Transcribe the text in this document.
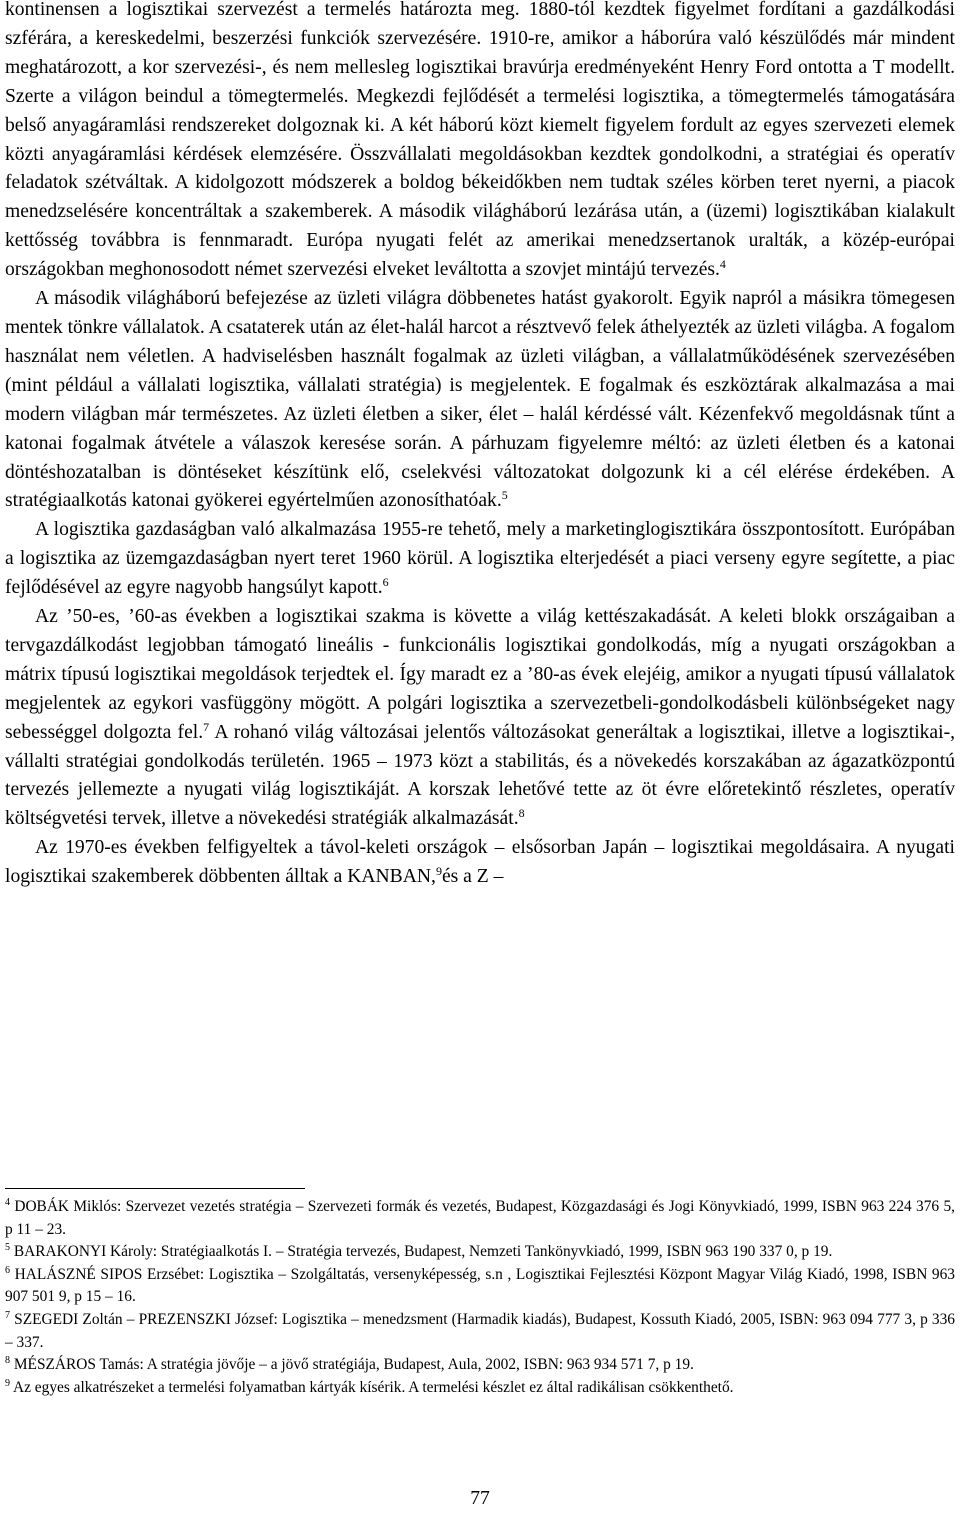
kontinensen a logisztikai szervezést a termelés határozta meg. 1880-tól kezdtek figyelmet fordítani a gazdálkodási szférára, a kereskedelmi, beszerzési funkciók szervezésére. 1910-re, amikor a háborúra való készülődés már mindent meghatározott, a kor szervezési-, és nem mellesleg logisztikai bravúrja eredményeként Henry Ford ontotta a T modellt. Szerte a világon beindul a tömegtermelés. Megkezdi fejlődését a termelési logisztika, a tömegtermelés támogatására belső anyagáramlási rendszereket dolgoznak ki. A két háború közt kiemelt figyelem fordult az egyes szervezeti elemek közti anyagáramlási kérdések elemzésére. Összvállalati megoldásokban kezdtek gondolkodni, a stratégiai és operatív feladatok szétváltak. A kidolgozott módszerek a boldog békeidőkben nem tudtak széles körben teret nyerni, a piacok menedzselésére koncentráltak a szakemberek. A második világháború lezárása után, a (üzemi) logisztikában kialakult kettősség továbbra is fennmaradt. Európa nyugati felét az amerikai menedzsertanok uralták, a közép-európai országokban meghonosodott német szervezési elveket leváltotta a szovjet mintájú tervezés.$^4$

A második világháború befejezése az üzleti világra döbbenetes hatást gyakorolt. Egyik napról a másikra tömegesen mentek tönkre vállalatok. A csataterek után az élet-halál harcot a résztvevő felek áthelyezték az üzleti világba. A fogalom használat nem véletlen. A hadviselésben használt fogalmak az üzleti világban, a vállalatműködésének szervezésében (mint például a vállalati logisztika, vállalati stratégia) is megjelentek. E fogalmak és eszköztárak alkalmazása a mai modern világban már természetes. Az üzleti életben a siker, élet – halál kérdéssé vált. Kézenfekvő megoldásnak tűnt a katonai fogalmak átvétele a válaszok keresése során. A párhuzam figyelemre méltó: az üzleti életben és a katonai döntéshozatalban is döntéseket készítünk elő, cselekvési változatokat dolgozunk ki a cél elérése érdekében. A stratégiaalkotás katonai gyökerei egyértelműen azonosíthatóak.$^5$

A logisztika gazdaságban való alkalmazása 1955-re tehető, mely a marketinglogisztikára összpontosított. Európában a logisztika az üzemgazdaságban nyert teret 1960 körül. A logisztika elterjedését a piaci verseny egyre segítette, a piac fejlődésével az egyre nagyobb hangsúlyt kapott.$^6$

Az ’50-es, ’60-as években a logisztikai szakma is követte a világ kettészakadását. A keleti blokk országaiban a tervgazdálkodást legjobban támogató lineális - funkcionális logisztikai gondolkodás, míg a nyugati országokban a mátrix típusú logisztikai megoldások terjedtek el. Így maradt ez a ’80-as évek elejéig, amikor a nyugati típusú vállalatok megjelentek az egykori vasfüggöny mögött. A polgári logisztika a szervezetbeli-gondolkodásbeli különbségeket nagy sebességgel dolgozta fel.$^7$ A rohanó világ változásai jelentős változásokat generáltak a logisztikai, illetve a logisztikai-, vállalti stratégiai gondolkodás területén. 1965 – 1973 közt a stabilitás, és a növekedés korszakában az ágazatközpontú tervezés jellemezte a nyugati világ logisztikáját. A korszak lehetővé tette az öt évre előretekintő részletes, operatív költségvetési tervek, illetve a növekedési stratégiák alkalmazását.$^8$

Az 1970-es években felfigyeltek a távol-keleti országok – elsősorban Japán – logisztikai megoldásaira. A nyugati logisztikai szakemberek döbbenten álltak a KANBAN,$^9$és a Z –

$^4$ DOBÁK Miklós: Szervezet vezetés stratégia – Szervezeti formák és vezetés, Budapest, Közgazdasági és Jogi Könyvkiadó, 1999, ISBN 963 224 376 5, p 11 – 23.

$^5$ BARAKONYI Károly: Stratégiaalkotás I. – Stratégia tervezés, Budapest, Nemzeti Tankönyvkiadó, 1999, ISBN 963 190 337 0, p 19.

$^6$ HALÁSZNÉ SIPOS Erzsébet: Logisztika – Szolgáltatás, versenyképesség, s.n , Logisztikai Fejlesztési Központ Magyar Világ Kiadó, 1998, ISBN 963 907 501 9, p 15 – 16.

$^7$ SZEGEDI Zoltán – PREZENSZKI József: Logisztika – menedzsment (Harmadik kiadás), Budapest, Kossuth Kiadó, 2005, ISBN: 963 094 777 3, p 336 – 337.

$^8$ MÉSZÁROS Tamás: A stratégia jövője – a jövő stratégiája, Budapest, Aula, 2002, ISBN: 963 934 571 7, p 19.

$^9$ Az egyes alkatrészeket a termelési folyamatban kártyák kísérik. A termelési készlet ez által radikálisan csökkenthető.

77
